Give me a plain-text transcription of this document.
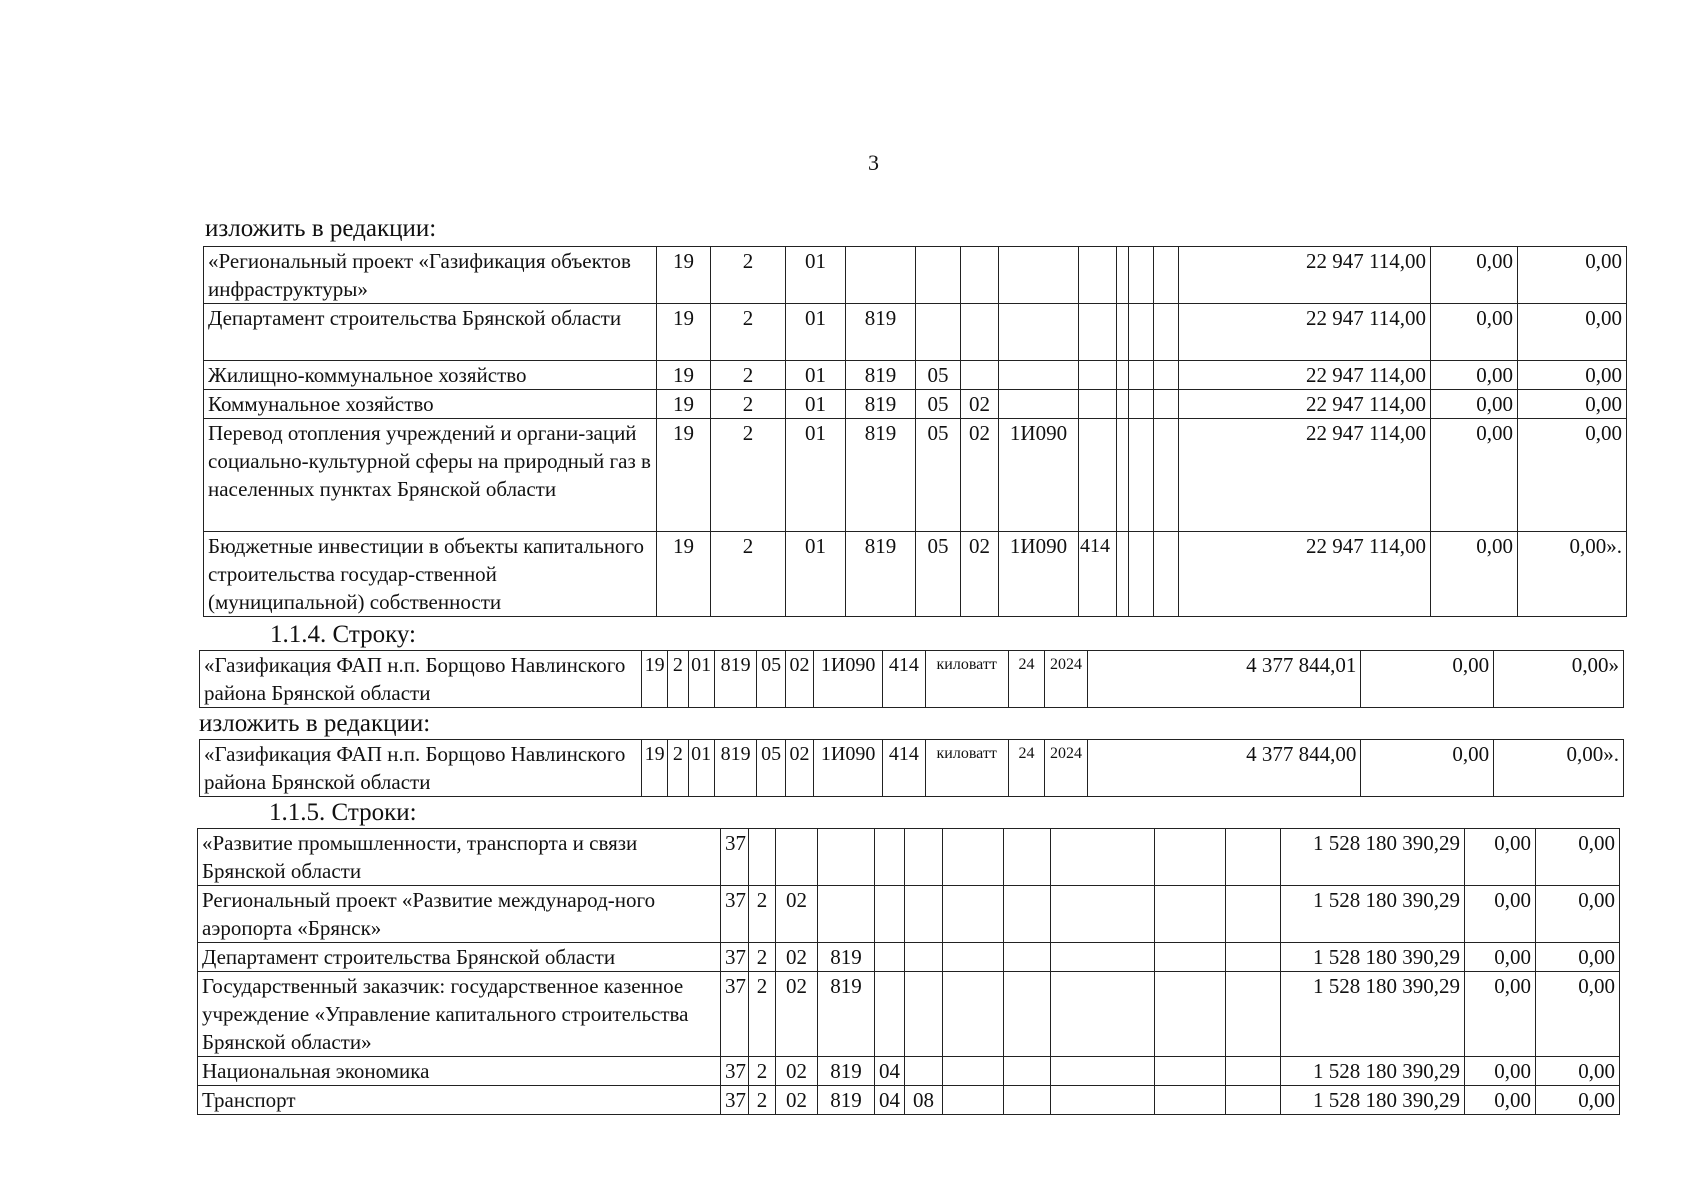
3
изложить в редакции:
«Региональный проект «Газификация объектов инфраструктуры»	19	2	01									22 947 114,00	0,00	0,00
Департамент строительства Брянской области	19	2	01	819								22 947 114,00	0,00	0,00
Жилищно-коммунальное хозяйство	19	2	01	819	05							22 947 114,00	0,00	0,00
Коммунальное хозяйство	19	2	01	819	05	02						22 947 114,00	0,00	0,00
Перевод отопления учреждений и органи-заций социально-культурной сферы на природный газ в населенных пунктах Брянской области	19	2	01	819	05	02	1И090					22 947 114,00	0,00	0,00
Бюджетные инвестиции в объекты капитального строительства государ-ственной (муниципальной) собственности	19	2	01	819	05	02	1И090	414				22 947 114,00	0,00	0,00».
1.1.4. Строку:
«Газификация ФАП н.п. Борщово Навлинского района Брянской области	19	2	01	819	05	02	1И090	414	киловатт	24	2024	4 377 844,01	0,00	0,00»
изложить в редакции:
«Газификация ФАП н.п. Борщово Навлинского района Брянской области	19	2	01	819	05	02	1И090	414	киловатт	24	2024	4 377 844,00	0,00	0,00».
1.1.5. Строки:
«Развитие промышленности, транспорта и связи Брянской области	37											1 528 180 390,29	0,00	0,00
Региональный проект «Развитие международ-ного аэропорта «Брянск»	37	2	02									1 528 180 390,29	0,00	0,00
Департамент строительства Брянской области	37	2	02	819								1 528 180 390,29	0,00	0,00
Государственный заказчик: государственное казенное учреждение «Управление капитального строительства Брянской области»	37	2	02	819								1 528 180 390,29	0,00	0,00
Национальная экономика	37	2	02	819	04							1 528 180 390,29	0,00	0,00
Транспорт	37	2	02	819	04	08						1 528 180 390,29	0,00	0,00
